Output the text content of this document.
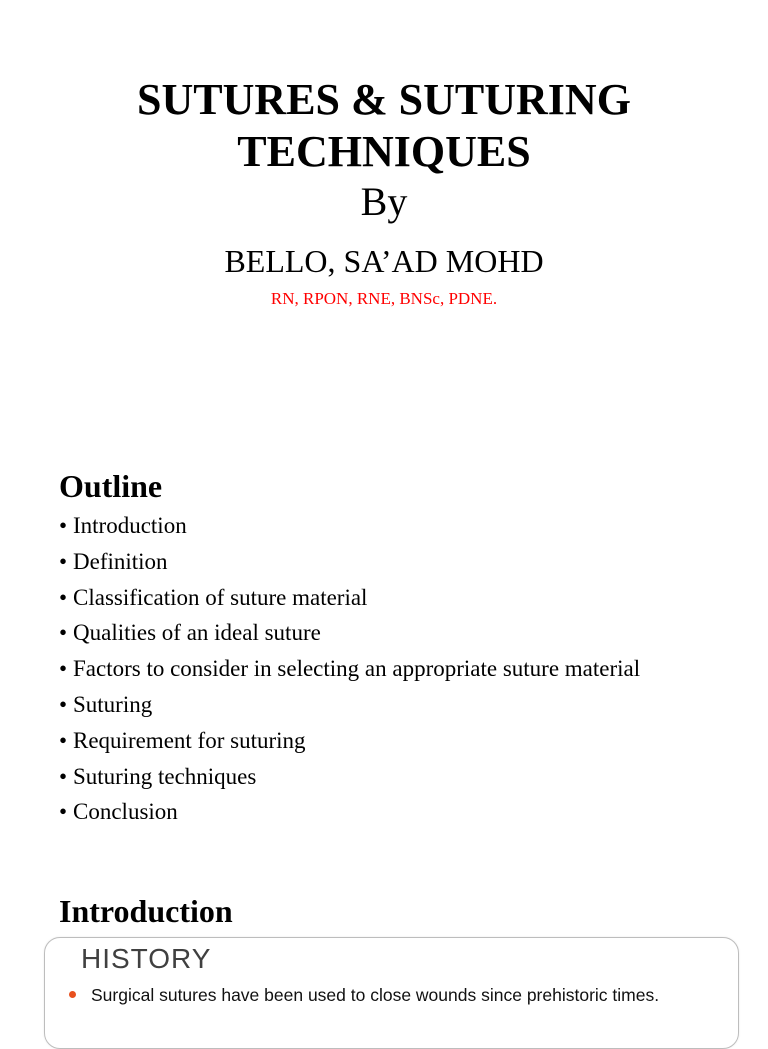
SUTURES & SUTURING
TECHNIQUES
By
BELLO, SA’AD MOHD
RN, RPON, RNE, BNSc, PDNE.
Outline
• Introduction
• Definition
• Classification of suture material
• Qualities of an ideal suture
• Factors to consider in selecting an appropriate suture material
• Suturing
• Requirement for suturing
• Suturing techniques
• Conclusion
Introduction
HISTORY
Surgical sutures have been used to close wounds since prehistoric times.
